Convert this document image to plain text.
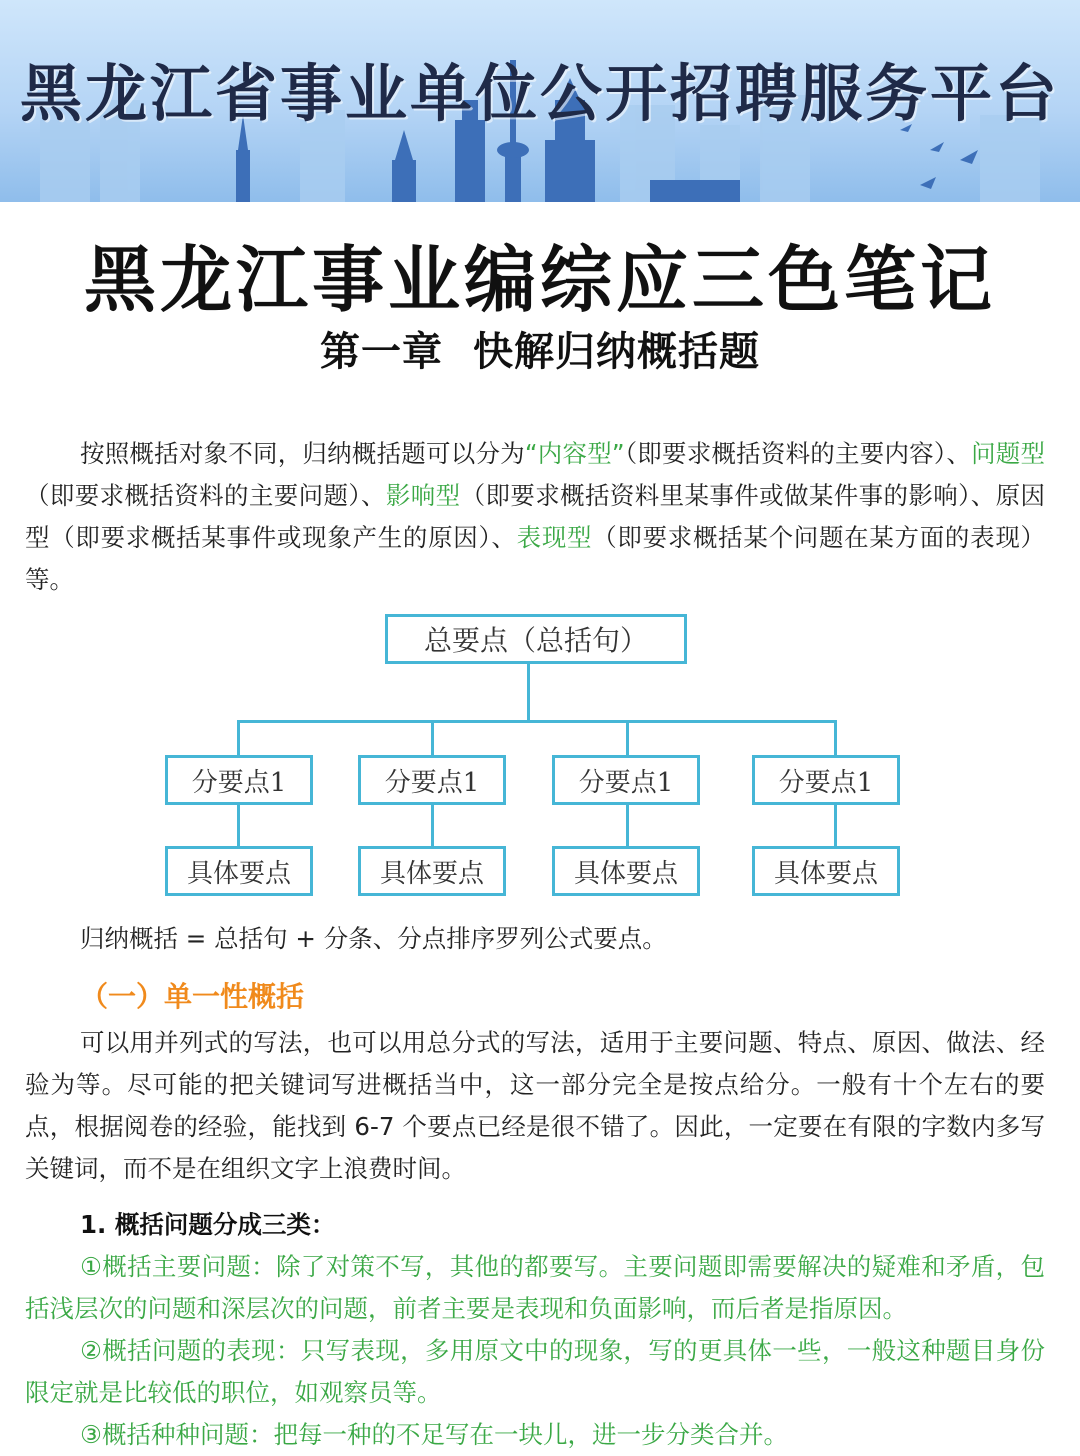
黑龙江省事业单位公开招聘服务平台
黑龙江事业编综应三色笔记
第一章 快解归纳概括题
按照概括对象不同，归纳概括题可以分为“内容型”（即要求概括资料的主要内容）、问题型（即要求概括资料的主要问题）、影响型（即要求概括资料里某事件或做某件事的影响）、原因型（即要求概括某事件或现象产生的原因）、表现型（即要求概括某个问题在某方面的表现）等。
总要点（总括句）
分要点1	分要点1	分要点1	分要点1
具体要点	具体要点	具体要点	具体要点
归纳概括 = 总括句 + 分条、分点排序罗列公式要点。
（一）单一性概括
可以用并列式的写法，也可以用总分式的写法，适用于主要问题、特点、原因、做法、经验为等。尽可能的把关键词写进概括当中，这一部分完全是按点给分。一般有十个左右的要点，根据阅卷的经验，能找到 6-7 个要点已经是很不错了。因此，一定要在有限的字数内多写关键词，而不是在组织文字上浪费时间。
1. 概括问题分成三类：
①概括主要问题：除了对策不写，其他的都要写。主要问题即需要解决的疑难和矛盾，包括浅层次的问题和深层次的问题，前者主要是表现和负面影响，而后者是指原因。
②概括问题的表现：只写表现，多用原文中的现象，写的更具体一些，一般这种题目身份限定就是比较低的职位，如观察员等。
③概括种种问题：把每一种的不足写在一块儿，进一步分类合并。
